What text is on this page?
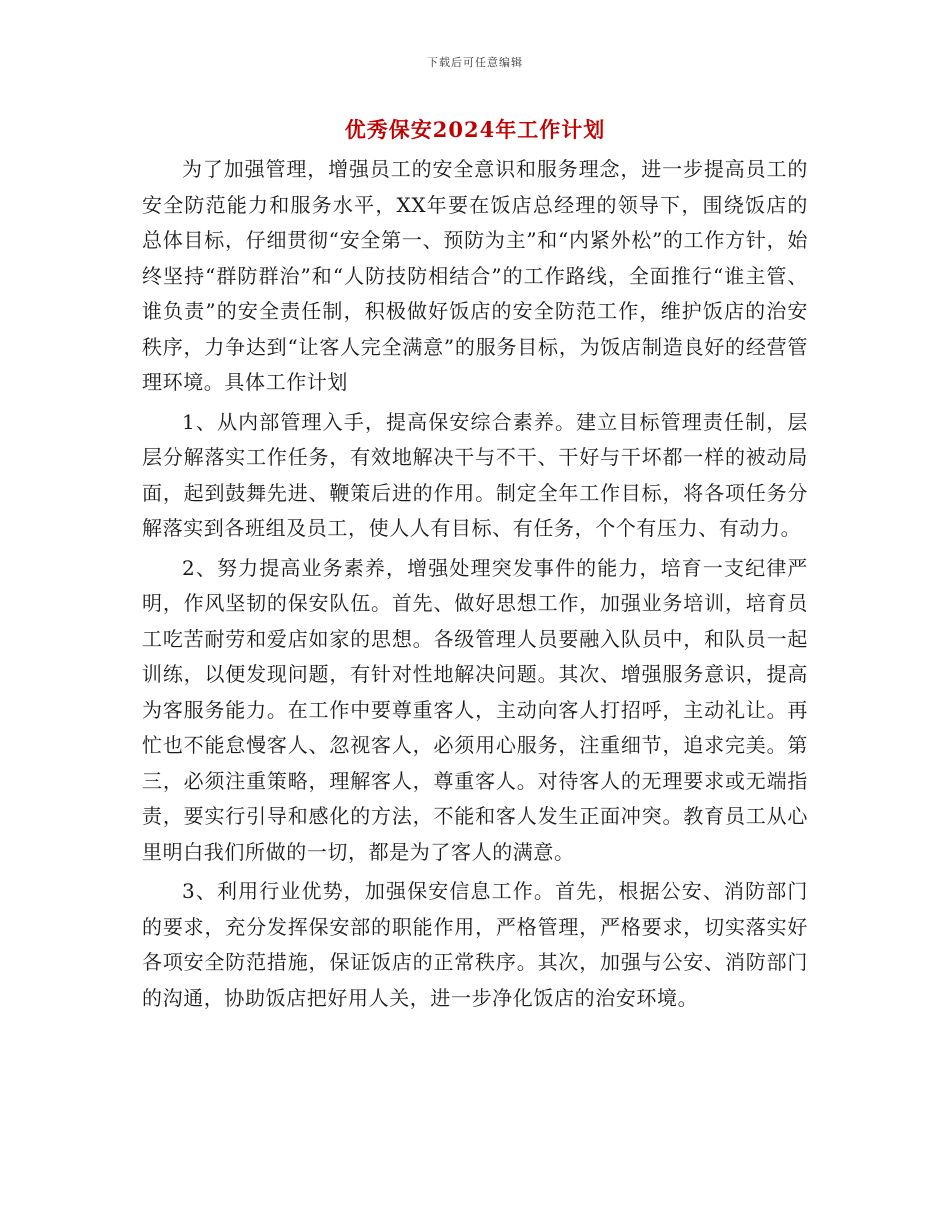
下载后可任意编辑
优秀保安2024年工作计划

为了加强管理，增强员工的安全意识和服务理念，进一步提高员工的安全防范能力和服务水平，XX年要在饭店总经理的领导下，围绕饭店的总体目标，仔细贯彻“安全第一、预防为主”和“内紧外松”的工作方针，始终坚持“群防群治”和“人防技防相结合”的工作路线，全面推行“谁主管、谁负责”的安全责任制，积极做好饭店的安全防范工作，维护饭店的治安秩序，力争达到“让客人完全满意”的服务目标，为饭店制造良好的经营管理环境。具体工作计划

1、从内部管理入手，提高保安综合素养。建立目标管理责任制，层层分解落实工作任务，有效地解决干与不干、干好与干坏都一样的被动局面，起到鼓舞先进、鞭策后进的作用。制定全年工作目标，将各项任务分解落实到各班组及员工，使人人有目标、有任务，个个有压力、有动力。

2、努力提高业务素养，增强处理突发事件的能力，培育一支纪律严明，作风坚韧的保安队伍。首先、做好思想工作，加强业务培训，培育员工吃苦耐劳和爱店如家的思想。各级管理人员要融入队员中，和队员一起训练，以便发现问题，有针对性地解决问题。其次、增强服务意识，提高为客服务能力。在工作中要尊重客人，主动向客人打招呼，主动礼让。再忙也不能怠慢客人、忽视客人，必须用心服务，注重细节，追求完美。第三，必须注重策略，理解客人，尊重客人。对待客人的无理要求或无端指责，要实行引导和感化的方法，不能和客人发生正面冲突。教育员工从心里明白我们所做的一切，都是为了客人的满意。

3、利用行业优势，加强保安信息工作。首先，根据公安、消防部门的要求，充分发挥保安部的职能作用，严格管理，严格要求，切实落实好各项安全防范措施，保证饭店的正常秩序。其次，加强与公安、消防部门的沟通，协助饭店把好用人关，进一步净化饭店的治安环境。
